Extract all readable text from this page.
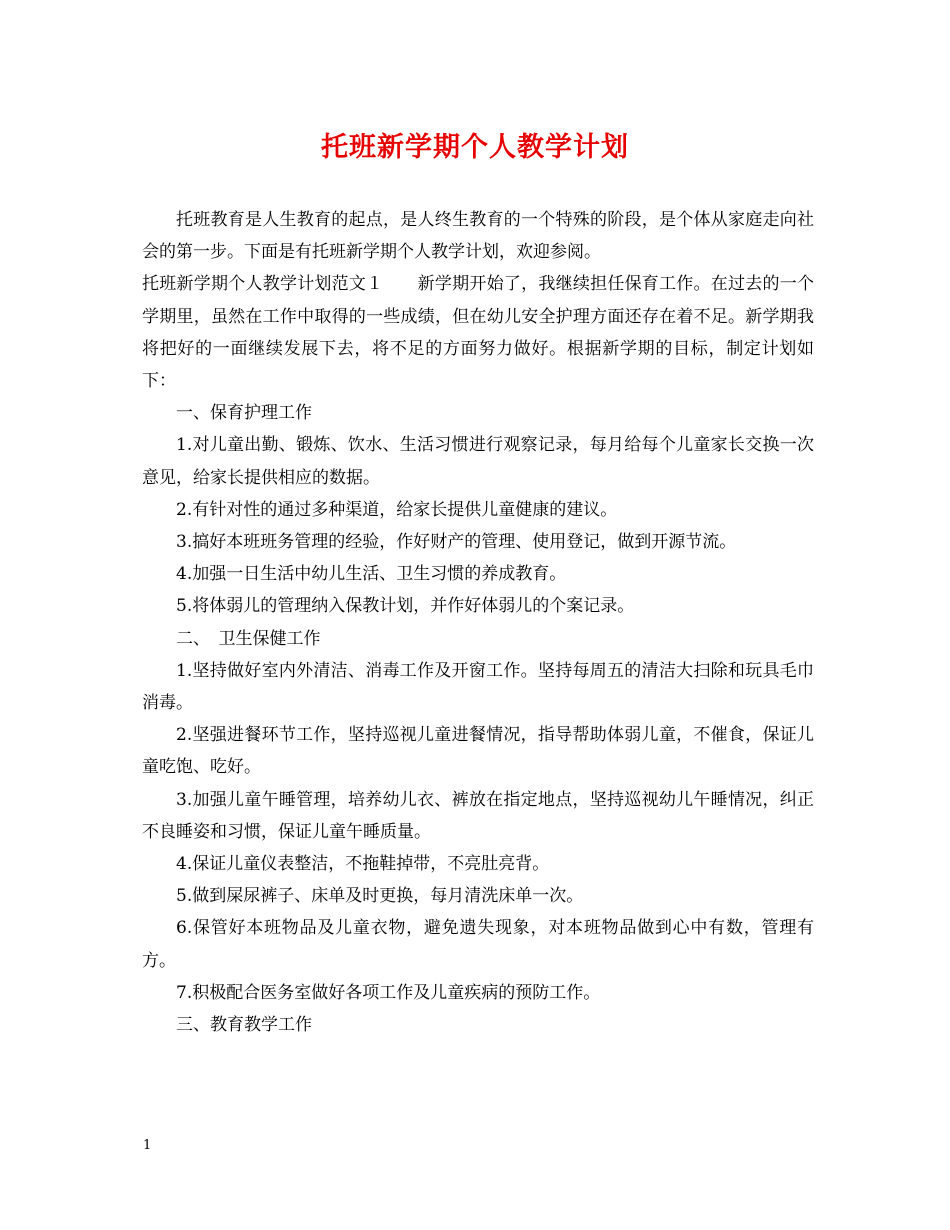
托班新学期个人教学计划

托班教育是人生教育的起点，是人终生教育的一个特殊的阶段，是个体从家庭走向社会的第一步。下面是有托班新学期个人教学计划，欢迎参阅。

托班新学期个人教学计划范文１ 新学期开始了，我继续担任保育工作。在过去的一个学期里，虽然在工作中取得的一些成绩，但在幼儿安全护理方面还存在着不足。新学期我将把好的一面继续发展下去，将不足的方面努力做好。根据新学期的目标，制定计划如下：

一、保育护理工作

1.对儿童出勤、锻炼、饮水、生活习惯进行观察记录，每月给每个儿童家长交换一次意见，给家长提供相应的数据。

2.有针对性的通过多种渠道，给家长提供儿童健康的建议。

3.搞好本班班务管理的经验，作好财产的管理、使用登记，做到开源节流。

4.加强一日生活中幼儿生活、卫生习惯的养成教育。

5.将体弱儿的管理纳入保教计划，并作好体弱儿的个案记录。

二、　卫生保健工作

1.坚持做好室内外清洁、消毒工作及开窗工作。坚持每周五的清洁大扫除和玩具毛巾消毒。

2.坚强进餐环节工作，坚持巡视儿童进餐情况，指导帮助体弱儿童，不催食，保证儿童吃饱、吃好。

3.加强儿童午睡管理，培养幼儿衣、裤放在指定地点，坚持巡视幼儿午睡情况，纠正不良睡姿和习惯，保证儿童午睡质量。

4.保证儿童仪表整洁，不拖鞋掉带，不亮肚亮背。

5.做到屎尿裤子、床单及时更换，每月清洗床单一次。

6.保管好本班物品及儿童衣物，避免遗失现象，对本班物品做到心中有数，管理有方。

7.积极配合医务室做好各项工作及儿童疾病的预防工作。

三、教育教学工作

1
